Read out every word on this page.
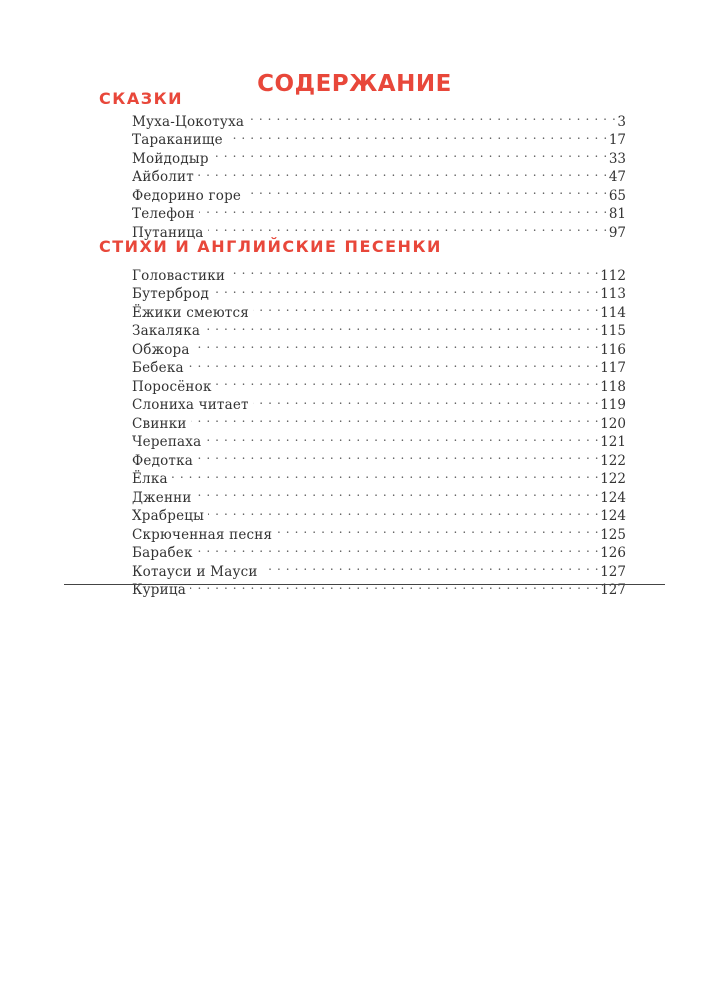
СОДЕРЖАНИЕ
СКАЗКИ
Муха-Цокотуха . . .	3
Тараканище . . .	17
Мойдодыр . . .	33
Айболит . . .	47
Федорино горе . . .	65
Телефон . . .	81
Путаница . . .	97
СТИХИ И АНГЛИЙСКИЕ ПЕСЕНКИ
Головастики . . .	112
Бутерброд . . .	113
Ёжики смеются . . .	114
Закаляка . . .	115
Обжора . . .	116
Бебека . . .	117
Поросёнок . . .	118
Слониха читает . . .	119
Свинки . . .	120
Черепаха . . .	121
Федотка . . .	122
Ёлка . . .	122
Дженни . . .	124
Храбрецы . . .	124
Скрюченная песня . . .	125
Барабек . . .	126
Котауси и Мауси . . .	127
Курица . . .	127
